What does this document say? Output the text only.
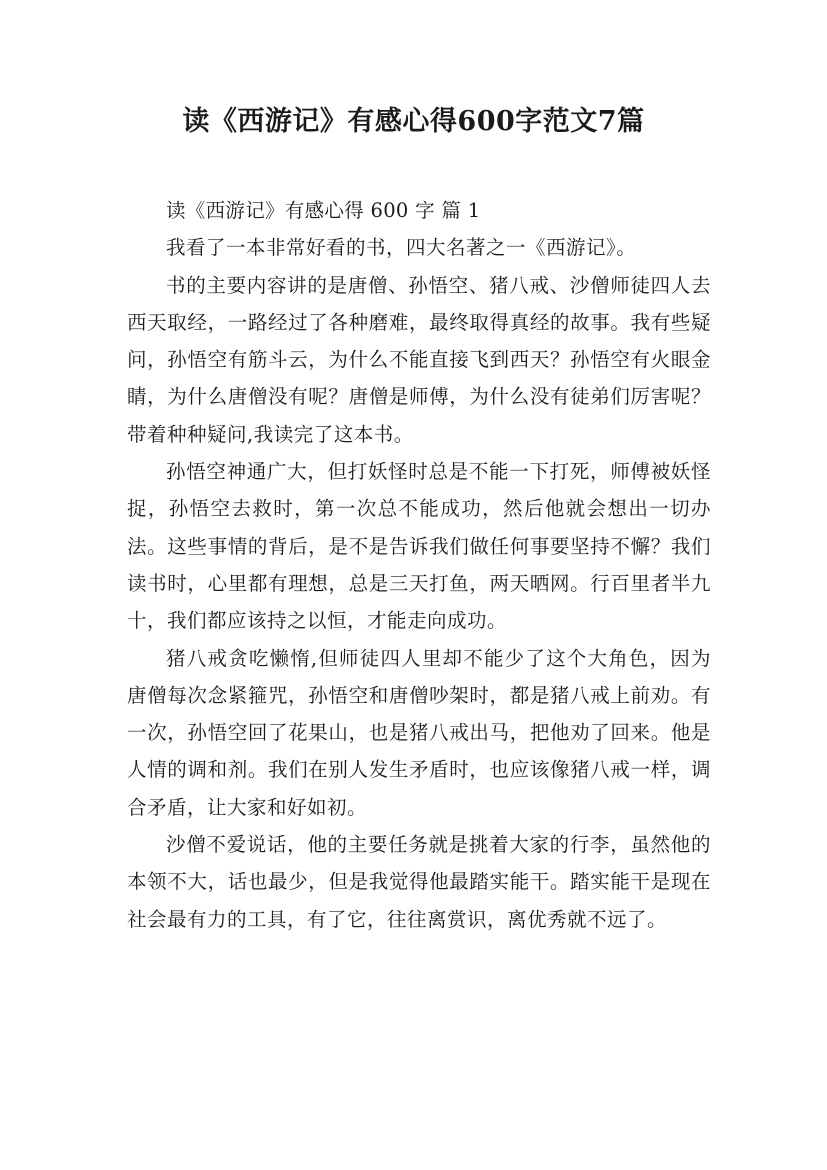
读《西游记》有感心得600字范文7篇

读《西游记》有感心得 600 字 篇 1

我看了一本非常好看的书，四大名著之一《西游记》。

书的主要内容讲的是唐僧、孙悟空、猪八戒、沙僧师徒四人去西天取经，一路经过了各种磨难，最终取得真经的故事。我有些疑问，孙悟空有筋斗云，为什么不能直接飞到西天？孙悟空有火眼金睛，为什么唐僧没有呢？唐僧是师傅，为什么没有徒弟们厉害呢？带着种种疑问,我读完了这本书。

孙悟空神通广大，但打妖怪时总是不能一下打死，师傅被妖怪捉，孙悟空去救时，第一次总不能成功，然后他就会想出一切办法。这些事情的背后，是不是告诉我们做任何事要坚持不懈？我们读书时，心里都有理想，总是三天打鱼，两天晒网。行百里者半九十，我们都应该持之以恒，才能走向成功。

猪八戒贪吃懒惰,但师徒四人里却不能少了这个大角色，因为唐僧每次念紧箍咒，孙悟空和唐僧吵架时，都是猪八戒上前劝。有一次，孙悟空回了花果山，也是猪八戒出马，把他劝了回来。他是人情的调和剂。我们在别人发生矛盾时，也应该像猪八戒一样，调合矛盾，让大家和好如初。

沙僧不爱说话，他的主要任务就是挑着大家的行李，虽然他的本领不大，话也最少，但是我觉得他最踏实能干。踏实能干是现在社会最有力的工具，有了它，往往离赏识，离优秀就不远了。
